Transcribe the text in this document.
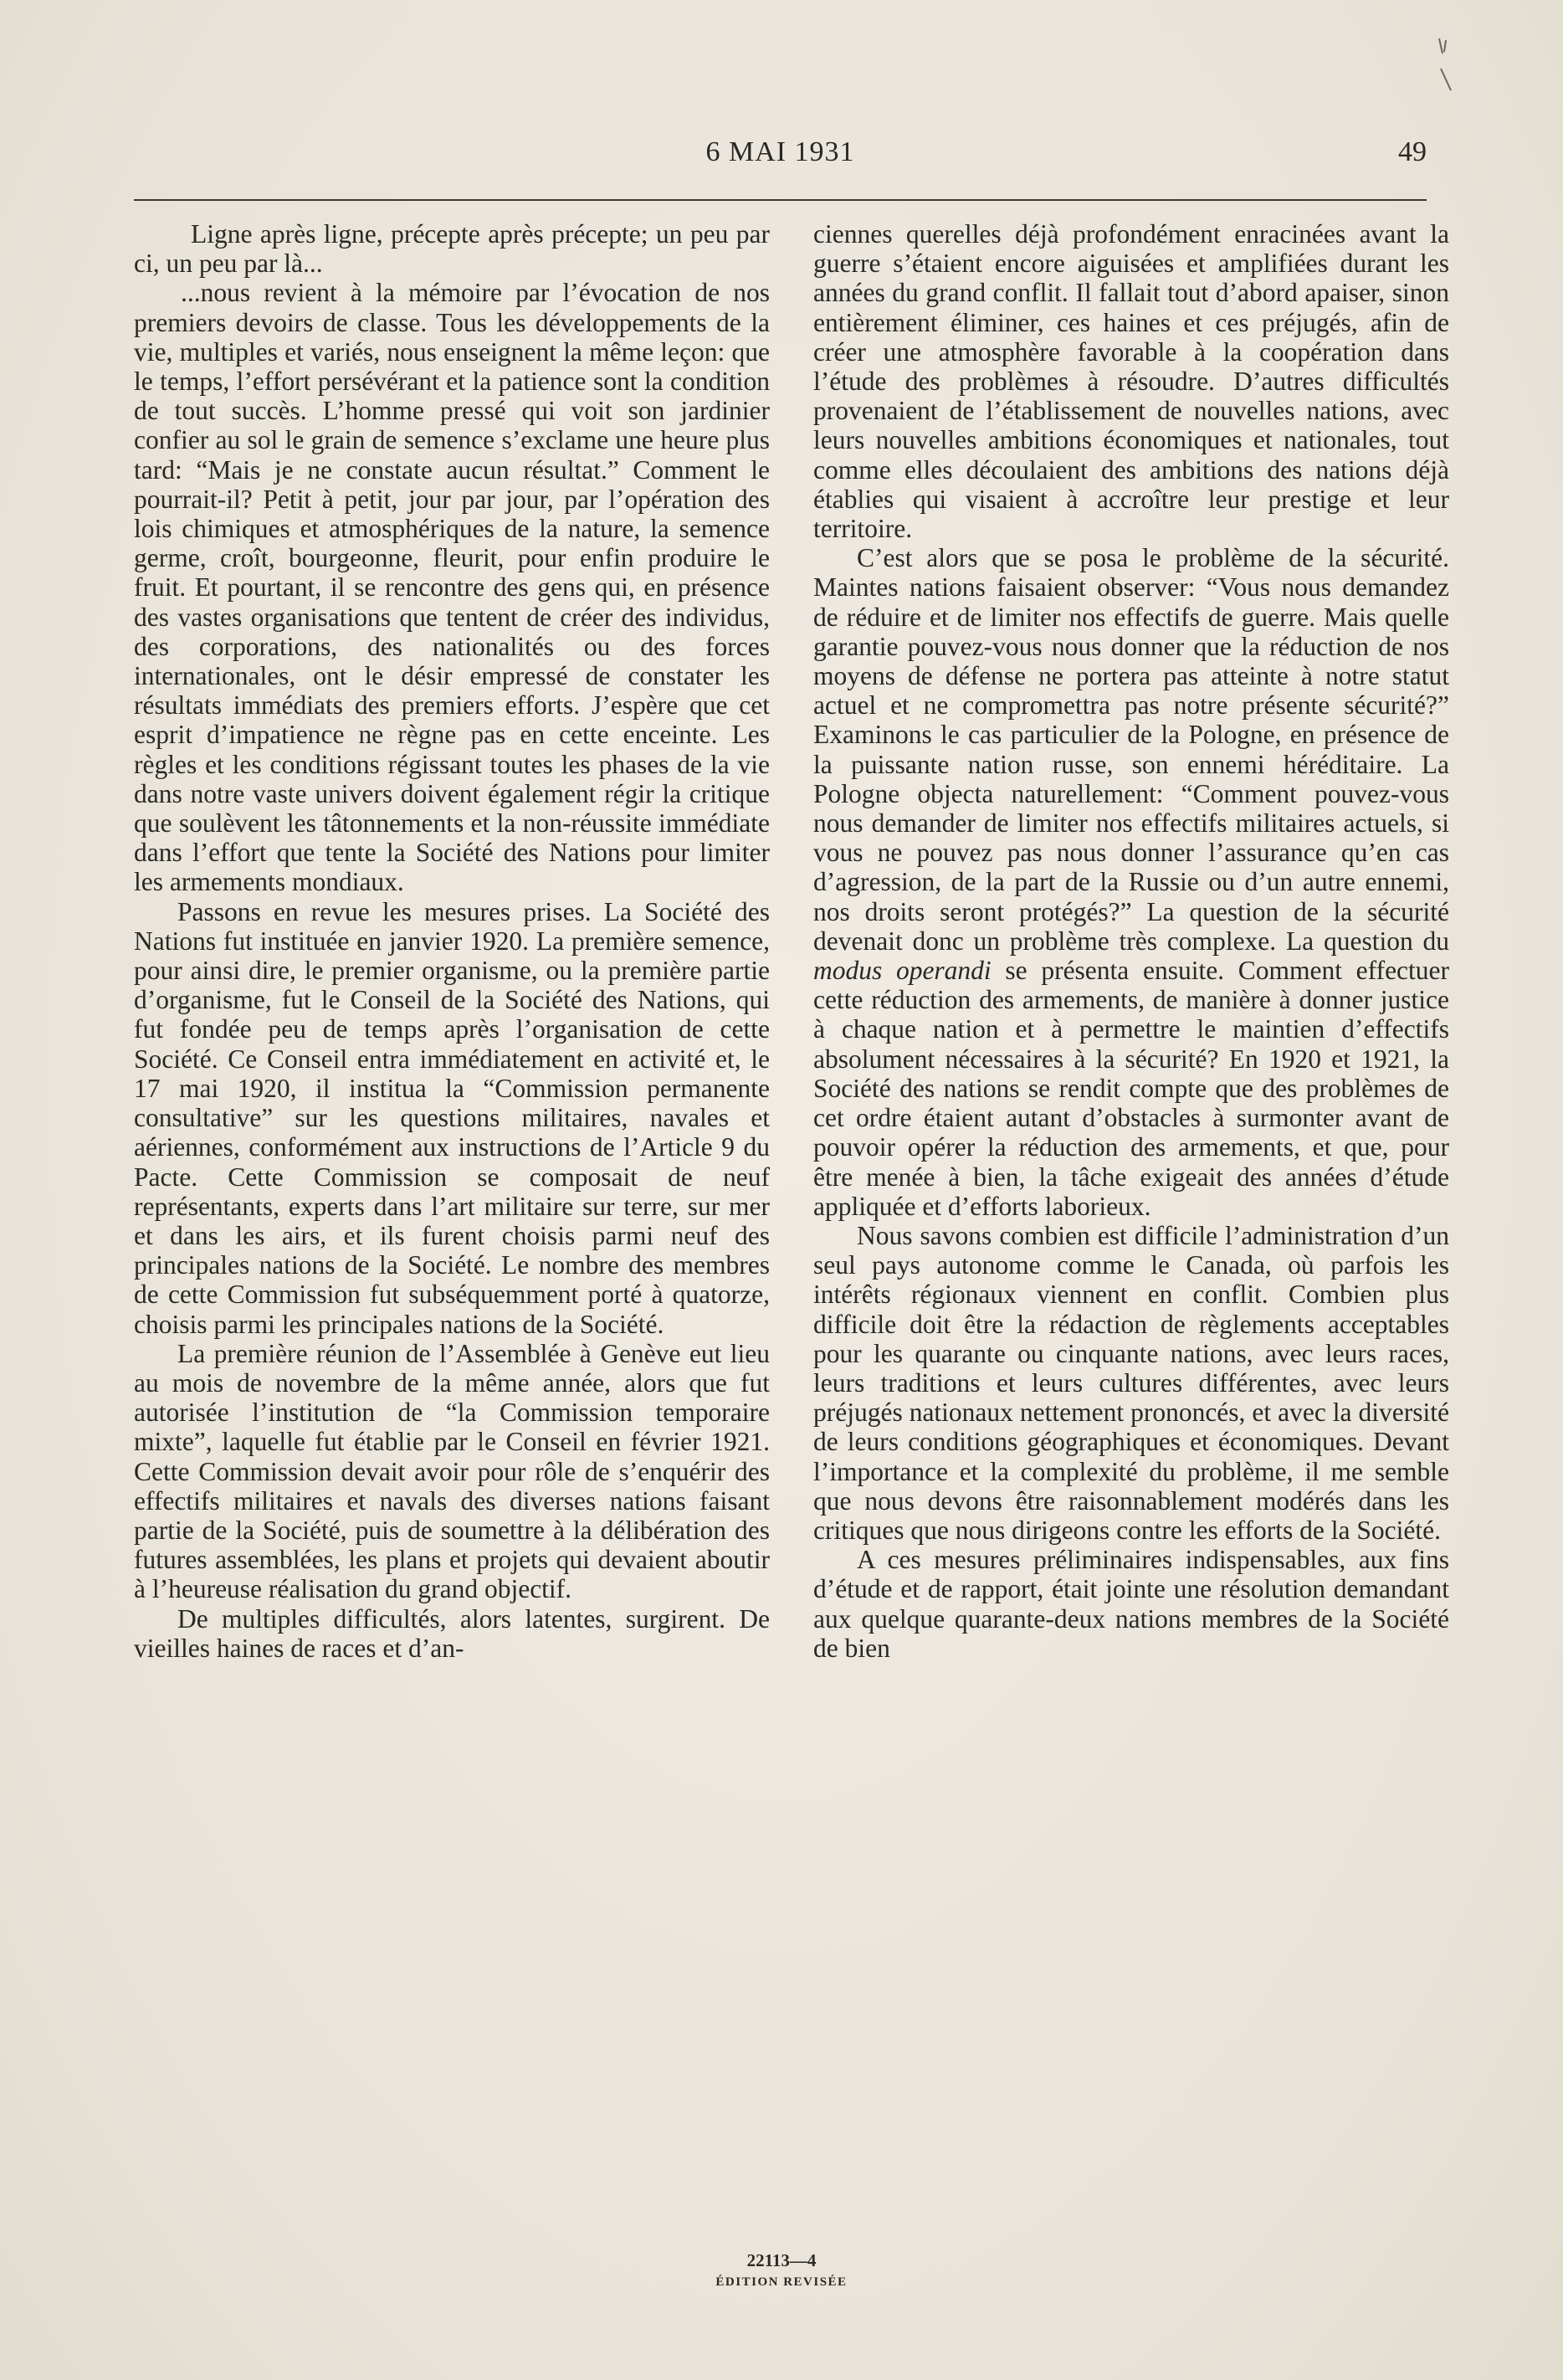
6 MAI 1931	49

Ligne après ligne, précepte après précepte; un peu par ci, un peu par là...

...nous revient à la mémoire par l’évocation de nos premiers devoirs de classe. Tous les développements de la vie, multiples et variés, nous enseignent la même leçon: que le temps, l’effort persévérant et la patience sont la condition de tout succès. L’homme pressé qui voit son jardinier confier au sol le grain de semence s’exclame une heure plus tard: “Mais je ne constate aucun résultat.” Comment le pourrait-il? Petit à petit, jour par jour, par l’opération des lois chimiques et atmosphériques de la nature, la semence germe, croît, bourgeonne, fleurit, pour enfin produire le fruit. Et pourtant, il se rencontre des gens qui, en présence des vastes organisations que tentent de créer des individus, des corporations, des nationalités ou des forces internationales, ont le désir empressé de constater les résultats immédiats des premiers efforts. J’espère que cet esprit d’impatience ne règne pas en cette enceinte. Les règles et les conditions régissant toutes les phases de la vie dans notre vaste univers doivent également régir la critique que soulèvent les tâtonnements et la non-réussite immédiate dans l’effort que tente la Société des Nations pour limiter les armements mondiaux.

Passons en revue les mesures prises. La Société des Nations fut instituée en janvier 1920. La première semence, pour ainsi dire, le premier organisme, ou la première partie d’organisme, fut le Conseil de la Société des Nations, qui fut fondée peu de temps après l’organisation de cette Société. Ce Conseil entra immédiatement en activité et, le 17 mai 1920, il institua la “Commission permanente consultative” sur les questions militaires, navales et aériennes, conformément aux instructions de l’Article 9 du Pacte. Cette Commission se composait de neuf représentants, experts dans l’art militaire sur terre, sur mer et dans les airs, et ils furent choisis parmi neuf des principales nations de la Société. Le nombre des membres de cette Commission fut subséquemment porté à quatorze, choisis parmi les principales nations de la Société.

La première réunion de l’Assemblée à Genève eut lieu au mois de novembre de la même année, alors que fut autorisée l’institution de “la Commission temporaire mixte”, laquelle fut établie par le Conseil en février 1921. Cette Commission devait avoir pour rôle de s’enquérir des effectifs militaires et navals des diverses nations faisant partie de la Société, puis de soumettre à la délibération des futures assemblées, les plans et projets qui devaient aboutir à l’heureuse réalisation du grand objectif.

De multiples difficultés, alors latentes, surgirent. De vieilles haines de races et d’an-

ciennes querelles déjà profondément enracinées avant la guerre s’étaient encore aiguisées et amplifiées durant les années du grand conflit. Il fallait tout d’abord apaiser, sinon entièrement éliminer, ces haines et ces préjugés, afin de créer une atmosphère favorable à la coopération dans l’étude des problèmes à résoudre. D’autres difficultés provenaient de l’établissement de nouvelles nations, avec leurs nouvelles ambitions économiques et nationales, tout comme elles découlaient des ambitions des nations déjà établies qui visaient à accroître leur prestige et leur territoire.

C’est alors que se posa le problème de la sécurité. Maintes nations faisaient observer: “Vous nous demandez de réduire et de limiter nos effectifs de guerre. Mais quelle garantie pouvez-vous nous donner que la réduction de nos moyens de défense ne portera pas atteinte à notre statut actuel et ne compromettra pas notre présente sécurité?” Examinons le cas particulier de la Pologne, en présence de la puissante nation russe, son ennemi héréditaire. La Pologne objecta naturellement: “Comment pouvez-vous nous demander de limiter nos effectifs militaires actuels, si vous ne pouvez pas nous donner l’assurance qu’en cas d’agression, de la part de la Russie ou d’un autre ennemi, nos droits seront protégés?” La question de la sécurité devenait donc un problème très complexe. La question du modus operandi se présenta ensuite. Comment effectuer cette réduction des armements, de manière à donner justice à chaque nation et à permettre le maintien d’effectifs absolument nécessaires à la sécurité? En 1920 et 1921, la Société des nations se rendit compte que des problèmes de cet ordre étaient autant d’obstacles à surmonter avant de pouvoir opérer la réduction des armements, et que, pour être menée à bien, la tâche exigeait des années d’étude appliquée et d’efforts laborieux.

Nous savons combien est difficile l’administration d’un seul pays autonome comme le Canada, où parfois les intérêts régionaux viennent en conflit. Combien plus difficile doit être la rédaction de règlements acceptables pour les quarante ou cinquante nations, avec leurs races, leurs traditions et leurs cultures différentes, avec leurs préjugés nationaux nettement prononcés, et avec la diversité de leurs conditions géographiques et économiques. Devant l’importance et la complexité du problème, il me semble que nous devons être raisonnablement modérés dans les critiques que nous dirigeons contre les efforts de la Société.

A ces mesures préliminaires indispensables, aux fins d’étude et de rapport, était jointe une résolution demandant aux quelque quarante-deux nations membres de la Société de bien

22113—4
ÉDITION REVISÉE
